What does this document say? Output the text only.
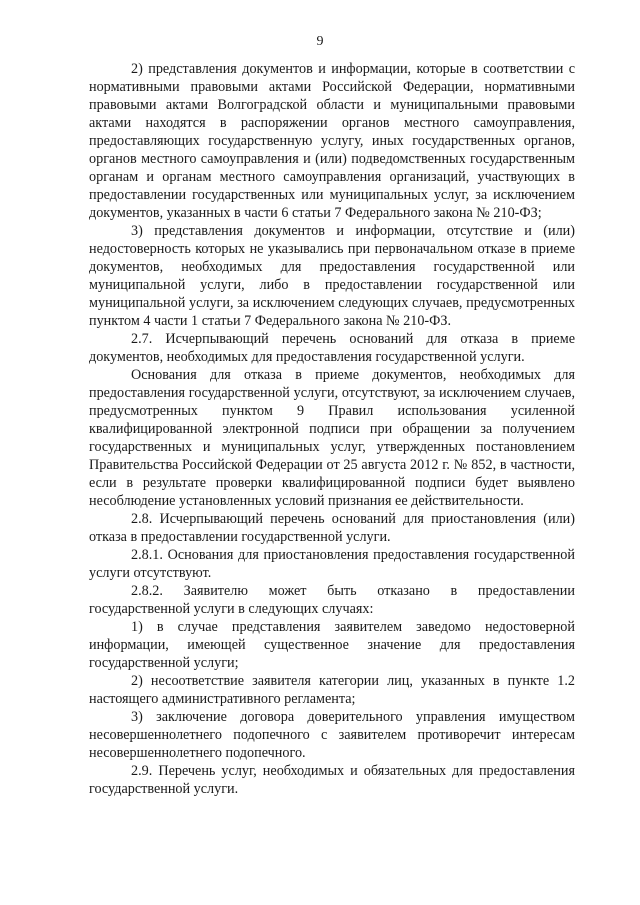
9

2) представления документов и информации, которые в соответствии с нормативными правовыми актами Российской Федерации, нормативными правовыми актами Волгоградской области и муниципальными правовыми актами находятся в распоряжении органов местного самоуправления, предоставляющих государственную услугу, иных государственных органов, органов местного самоуправления и (или) подведомственных государственным органам и органам местного самоуправления организаций, участвующих в предоставлении государственных или муниципальных услуг, за исключением документов, указанных в части 6 статьи 7 Федерального закона № 210-ФЗ;

3) представления документов и информации, отсутствие и (или) недостоверность которых не указывались при первоначальном отказе в приеме документов, необходимых для предоставления государственной или муниципальной услуги, либо в предоставлении государственной или муниципальной услуги, за исключением следующих случаев, предусмотренных пунктом 4 части 1 статьи 7 Федерального закона № 210-ФЗ.

2.7. Исчерпывающий перечень оснований для отказа в приеме документов, необходимых для предоставления государственной услуги.

Основания для отказа в приеме документов, необходимых для предоставления государственной услуги, отсутствуют, за исключением случаев, предусмотренных пунктом 9 Правил использования усиленной квалифицированной электронной подписи при обращении за получением государственных и муниципальных услуг, утвержденных постановлением Правительства Российской Федерации от 25 августа 2012 г. № 852, в частности, если в результате проверки квалифицированной подписи будет выявлено несоблюдение установленных условий признания ее действительности.

2.8. Исчерпывающий перечень оснований для приостановления (или) отказа в предоставлении государственной услуги.

2.8.1. Основания для приостановления предоставления государственной услуги отсутствуют.

2.8.2. Заявителю может быть отказано в предоставлении государственной услуги в следующих случаях:

1) в случае представления заявителем заведомо недостоверной информации, имеющей существенное значение для предоставления государственной услуги;

2) несоответствие заявителя категории лиц, указанных в пункте 1.2 настоящего административного регламента;

3) заключение договора доверительного управления имуществом несовершеннолетнего подопечного с заявителем противоречит интересам несовершеннолетнего подопечного.

2.9. Перечень услуг, необходимых и обязательных для предоставления государственной услуги.
